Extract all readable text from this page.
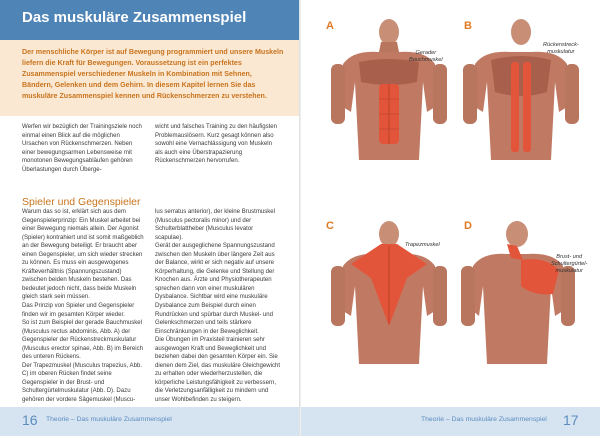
Das muskuläre Zusammenspiel
Der menschliche Körper ist auf Bewegung programmiert und unsere Muskeln liefern die Kraft für Bewegungen. Voraussetzung ist ein perfektes Zusammenspiel verschiedener Muskeln in Kombination mit Sehnen, Bändern, Gelenken und dem Gehirn. In diesem Kapitel lernen Sie das muskuläre Zusammenspiel kennen und Rückenschmerzen zu verstehen.
Werfen wir bezüglich der Trainingsziele noch einmal einen Blick auf die möglichen Ursachen von Rückenschmerzen. Neben einer bewegungsarmen Lebensweise mit monotonen Bewegungsabläufen gehören Überlastungen durch Überge-
wicht und falsches Training zu den häufigsten Problemauslösern. Kurz gesagt können also sowohl eine Vernachlässigung von Muskeln als auch eine Überstrapazierung Rückenschmerzen hervorrufen.
Spieler und Gegenspieler
Warum das so ist, erklärt sich aus dem Gegenspielerprinzip: Ein Muskel arbeitet bei einer Bewegung niemals allein. Der Agonist (Spieler) kontrahiert und ist somit maßgeblich an der Bewegung beteiligt. Er braucht aber einen Gegenspieler, um sich wieder strecken zu können. Es muss ein ausgewogenes Kräfteverhältnis (Spannungszustand) zwischen beiden Muskeln bestehen. Das bedeutet jedoch nicht, dass beide Muskeln gleich stark sein müssen.
Das Prinzip von Spieler und Gegenspieler finden wir im gesamten Körper wieder.
So ist zum Beispiel der gerade Bauchmuskel (Musculus rectus abdominis, Abb. A) der Gegenspieler der Rückenstreckmuskulatur (Musculus erector spinae, Abb. B) im Bereich des unteren Rückens.
Der Trapezmuskel (Musculus trapezius, Abb. C) im oberen Rücken findet seine Gegenspieler in der Brust- und Schultergürtelmuskulatur (Abb. D). Dazu gehören der vordere Sägemuskel (Muscu-
lus serratus anterior), der kleine Brustmuskel (Musculus pectoralis minor) und der Schulterblattheber (Musculus levator scapulae).
Gerät der ausgeglichene Spannungszustand zwischen den Muskeln über längere Zeit aus der Balance, wirkt er sich negativ auf unsere Körperhaltung, die Gelenke und Stellung der Knochen aus. Ärzte und Physiotherapeuten sprechen dann von einer muskulären Dysbalance. Sichtbar wird eine muskuläre Dysbalance zum Beispiel durch einen Rundrücken und spürbar durch Muskel- und Gelenkschmerzen und teils stärkere Einschränkungen in der Beweglichkeit.
Die Übungen im Praxisteil trainieren sehr ausgewogen Kraft und Beweglichkeit und beziehen dabei den gesamten Körper ein. Sie dienen dem Ziel, das muskuläre Gleichgewicht zu erhalten oder wiederherzustellen, die körperliche Leistungsfähigkeit zu verbessern, die Verletzungsanfälligkeit zu mindern und unser Wohlbefinden zu steigern.
16 Theorie – Das muskuläre Zusammenspiel
A
Gerader
Bauchmuskel
B
Rückenstreck-
muskulatur
C
Trapezmuskel
D
Brust- und
Schultergürtel-
muskulatur
Theorie – Das muskuläre Zusammenspiel 17
